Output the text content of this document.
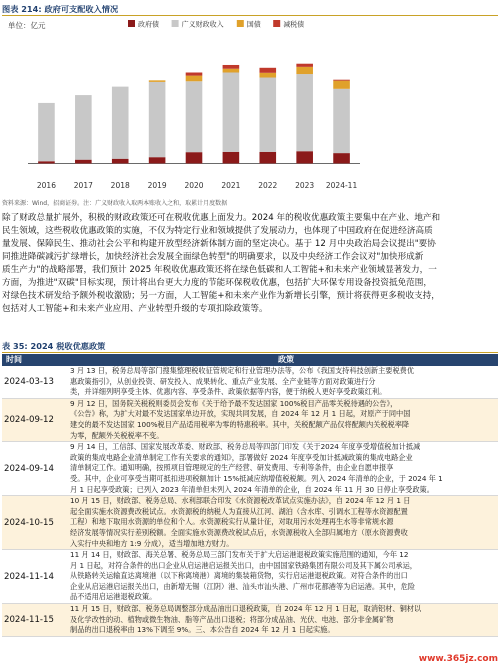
图表 214: 政府可支配收入情况
单位：亿元	政府债	广义财政收入	国债	减税债
2016 2017 2018 2019 2020 2021 2022 2023 2024-11
资料来源：Wind，招商证券。注：广义财政收入取两本账收入之和，取累计月度数据
除了财政总量扩展外，积极的财政政策还可在税收优惠上面发力。2024 年的税收优惠政策主要集中在产业、地产和
民生领域，这些税收优惠政策的实施，不仅为特定行业和领域提供了发展动力，也体现了中国政府在促进经济高质
量发展、保障民生、推动社会公平和构建开放型经济新体制方面的坚定决心。基于 12 月中央政治局会议提出"要协
同推进降碳减污扩绿增长，加快经济社会发展全面绿色转型"的明确要求，以及中央经济工作会议对"加快形成新
质生产力"的战略部署，我们预计 2025 年税收优惠政策还将在绿色低碳和人工智能+和未来产业领域显著发力，一
方面，为推进"双碳"目标实现，预计将出台更大力度的节能环保税收优惠，包括扩大环保专用设备投资抵免范围，
对绿色技术研发给予额外税收激励；另一方面，人工智能+和未来产业作为新增长引擎，预计将获得更多税收支持，
包括对人工智能+和未来产业应用、产业转型升级的专项扣除政策等。
表 35: 2024 税收优惠政策
时间	政策
2024-03-13	3 月 13 日，税务总局等部门搜集整理税收征管规定和行业管理办法等，公布《我国支持科技创新主要税费优
惠政策指引》，从创业投资、研发投入、成果转化、重点产业发展、全产业链等方面对政策进行分
类，并详细列明享受主体、优惠内容、享受条件、政策依据等内容，便于纳税人更好享受政策红利。

2024-09-12	9 月 12 日，国务院关税税则委员会发布《关于给予最不发达国家 100%税目产品零关税待遇的公告》，
《公告》称，为扩大对最不发达国家单边开放，实现共同发展，自 2024 年 12 月 1 日起，对原产于同中国
建交的最不发达国家 100%税目产品适用税率为零的特惠税率。其中，关税配额产品仅将配额内关税税率降
为零，配额外关税税率不变。

2024-09-14	9 月 14 日，工信部、国家发展改革委、财政部、税务总局等四部门印发《关于2024 年度享受增值税加计抵减
政策的集成电路企业清单制定工作有关要求的通知》，部署做好 2024 年度享受加计抵减政策的集成电路企业
清单制定工作。通知明确，按照项目管理规定的生产经营、研发费用、专利等条件，由企业自愿申报享
受。其中，企业可享受当期可抵扣进项税额加计 15%抵减应纳增值税税额。列入 2024 年清单的企业，于 2024 年 1
月 1 日起享受政策；已列入 2023 年清单但未列入 2024 年清单的企业，自 2024 年 11 月 30 日停止享受政策。

2024-10-15	10 月 15 日，财政部、税务总局、水利部联合印发《水资源税改革试点实施办法》，自 2024 年 12 月 1 日
起全面实施水资源费改税试点。水资源税的纳税人为直接从江河、湖泊（含水库、引调水工程等水资源配置
工程）和地下取用水资源的单位和个人。水资源税实行从量计征，对取用污水处理再生水等非常规水源
经济发展等情况实行差别税额。全面实施水资源费改税试点后，水资源税收入全部归属地方（原水资源费收
入实行中央和地方 1:9 分成），适当增加地方财力。

2024-11-14	11 月 14 日，财政部、海关总署、税务总局三部门发布关于扩大启运港退税政策实施范围的通知，今年 12
月 1 日起，对符合条件的出口企业从启运港启运报关出口，由中国国家铁路集团有限公司及其下属公司承运，
从铁路转关运输直达离境港（以下称离境港）离境的集装箱货物，实行启运港退税政策。对符合条件的出口
企业从启运港启运报关出口，由新增无锡（江阴）港、汕头市汕头港、广州市花都港等为启运港。其中，危险
品不适用启运港退税政策。

2024-11-15	11 月 15 日，财政部、税务总局调整部分成品油出口退税政策，自 2024 年 12 月 1 日起，取消铝材、铜材以
及化学改性的动、植物或微生物油、脂等产品出口退税；将部分成品油、光伏、电池、部分非金属矿物
制品的出口退税率由 13%下调至 9%。三、本公告自 2024 年 12 月 1 日起实施。
www.365jz.com
